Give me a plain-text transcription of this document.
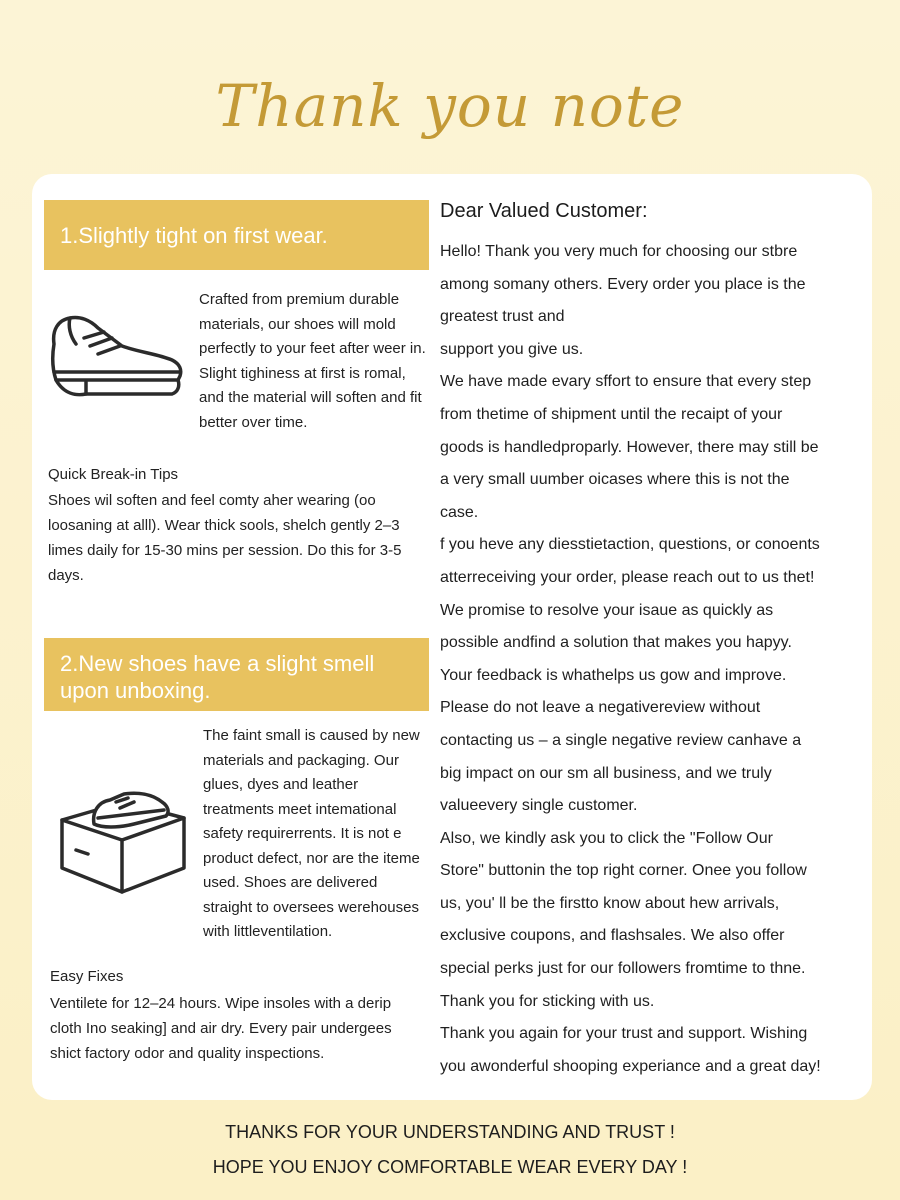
Thank you note
1.Slightly tight on first wear.
Crafted from premium durable materials, our shoes will mold perfectly to your feet after weer in. Slight tighiness at first is romal, and the material will soften and fit better over time.
Quick Break-in Tips
Shoes wil soften and feel comty aher wearing (oo loosaning at alll). Wear thick sools, shelch gently 2–3 limes daily for 15-30 mins per session. Do this for 3-5 days.
2.New shoes have a slight smell upon unboxing.
The faint small is caused by new materials and packaging. Our glues, dyes and leather treatments meet intemational safety requirerrents. It is not e product defect, nor are the iteme used. Shoes are delivered straight to oversees werehouses with littleventilation.
Easy Fixes
Ventilete for 12–24 hours. Wipe insoles with a derip cloth Ino seaking] and air dry. Every pair undergees shict factory odor and quality inspections.
Dear Valued Customer:
Hello! Thank you very much for choosing our stbre
among somany others. Every order you place is the
greatest trust and
support you give us.
We have made evary sffort to ensure that every step
from thetime of shipment until the recaipt of your
goods is handledproparly. However, there may still be
a very small uumber oicases where this is not the
case.
f you heve any diesstietaction, questions, or conoents
atterreceiving your order, please reach out to us thet!
We promise to resolve your isaue as quickly as
possible andfind a solution that makes you hapyy.
Your feedback is whathelps us gow and improve.
Please do not leave a negativereview without
contacting us – a single negative review canhave a
big impact on our sm all business, and we truly
valueevery single customer.
Also, we kindly ask you to click the "Follow Our
Store" buttonin the top right corner. Onee you follow
us, you' ll be the firstto know about hew arrivals,
exclusive coupons, and flashsales. We also offer
special perks just for our followers fromtime to thne.
Thank you for sticking with us.
Thank you again for your trust and support. Wishing
you awonderful shooping experiance and a great day!
THANKS FOR YOUR UNDERSTANDING AND TRUST !
HOPE YOU ENJOY COMFORTABLE WEAR EVERY DAY !
